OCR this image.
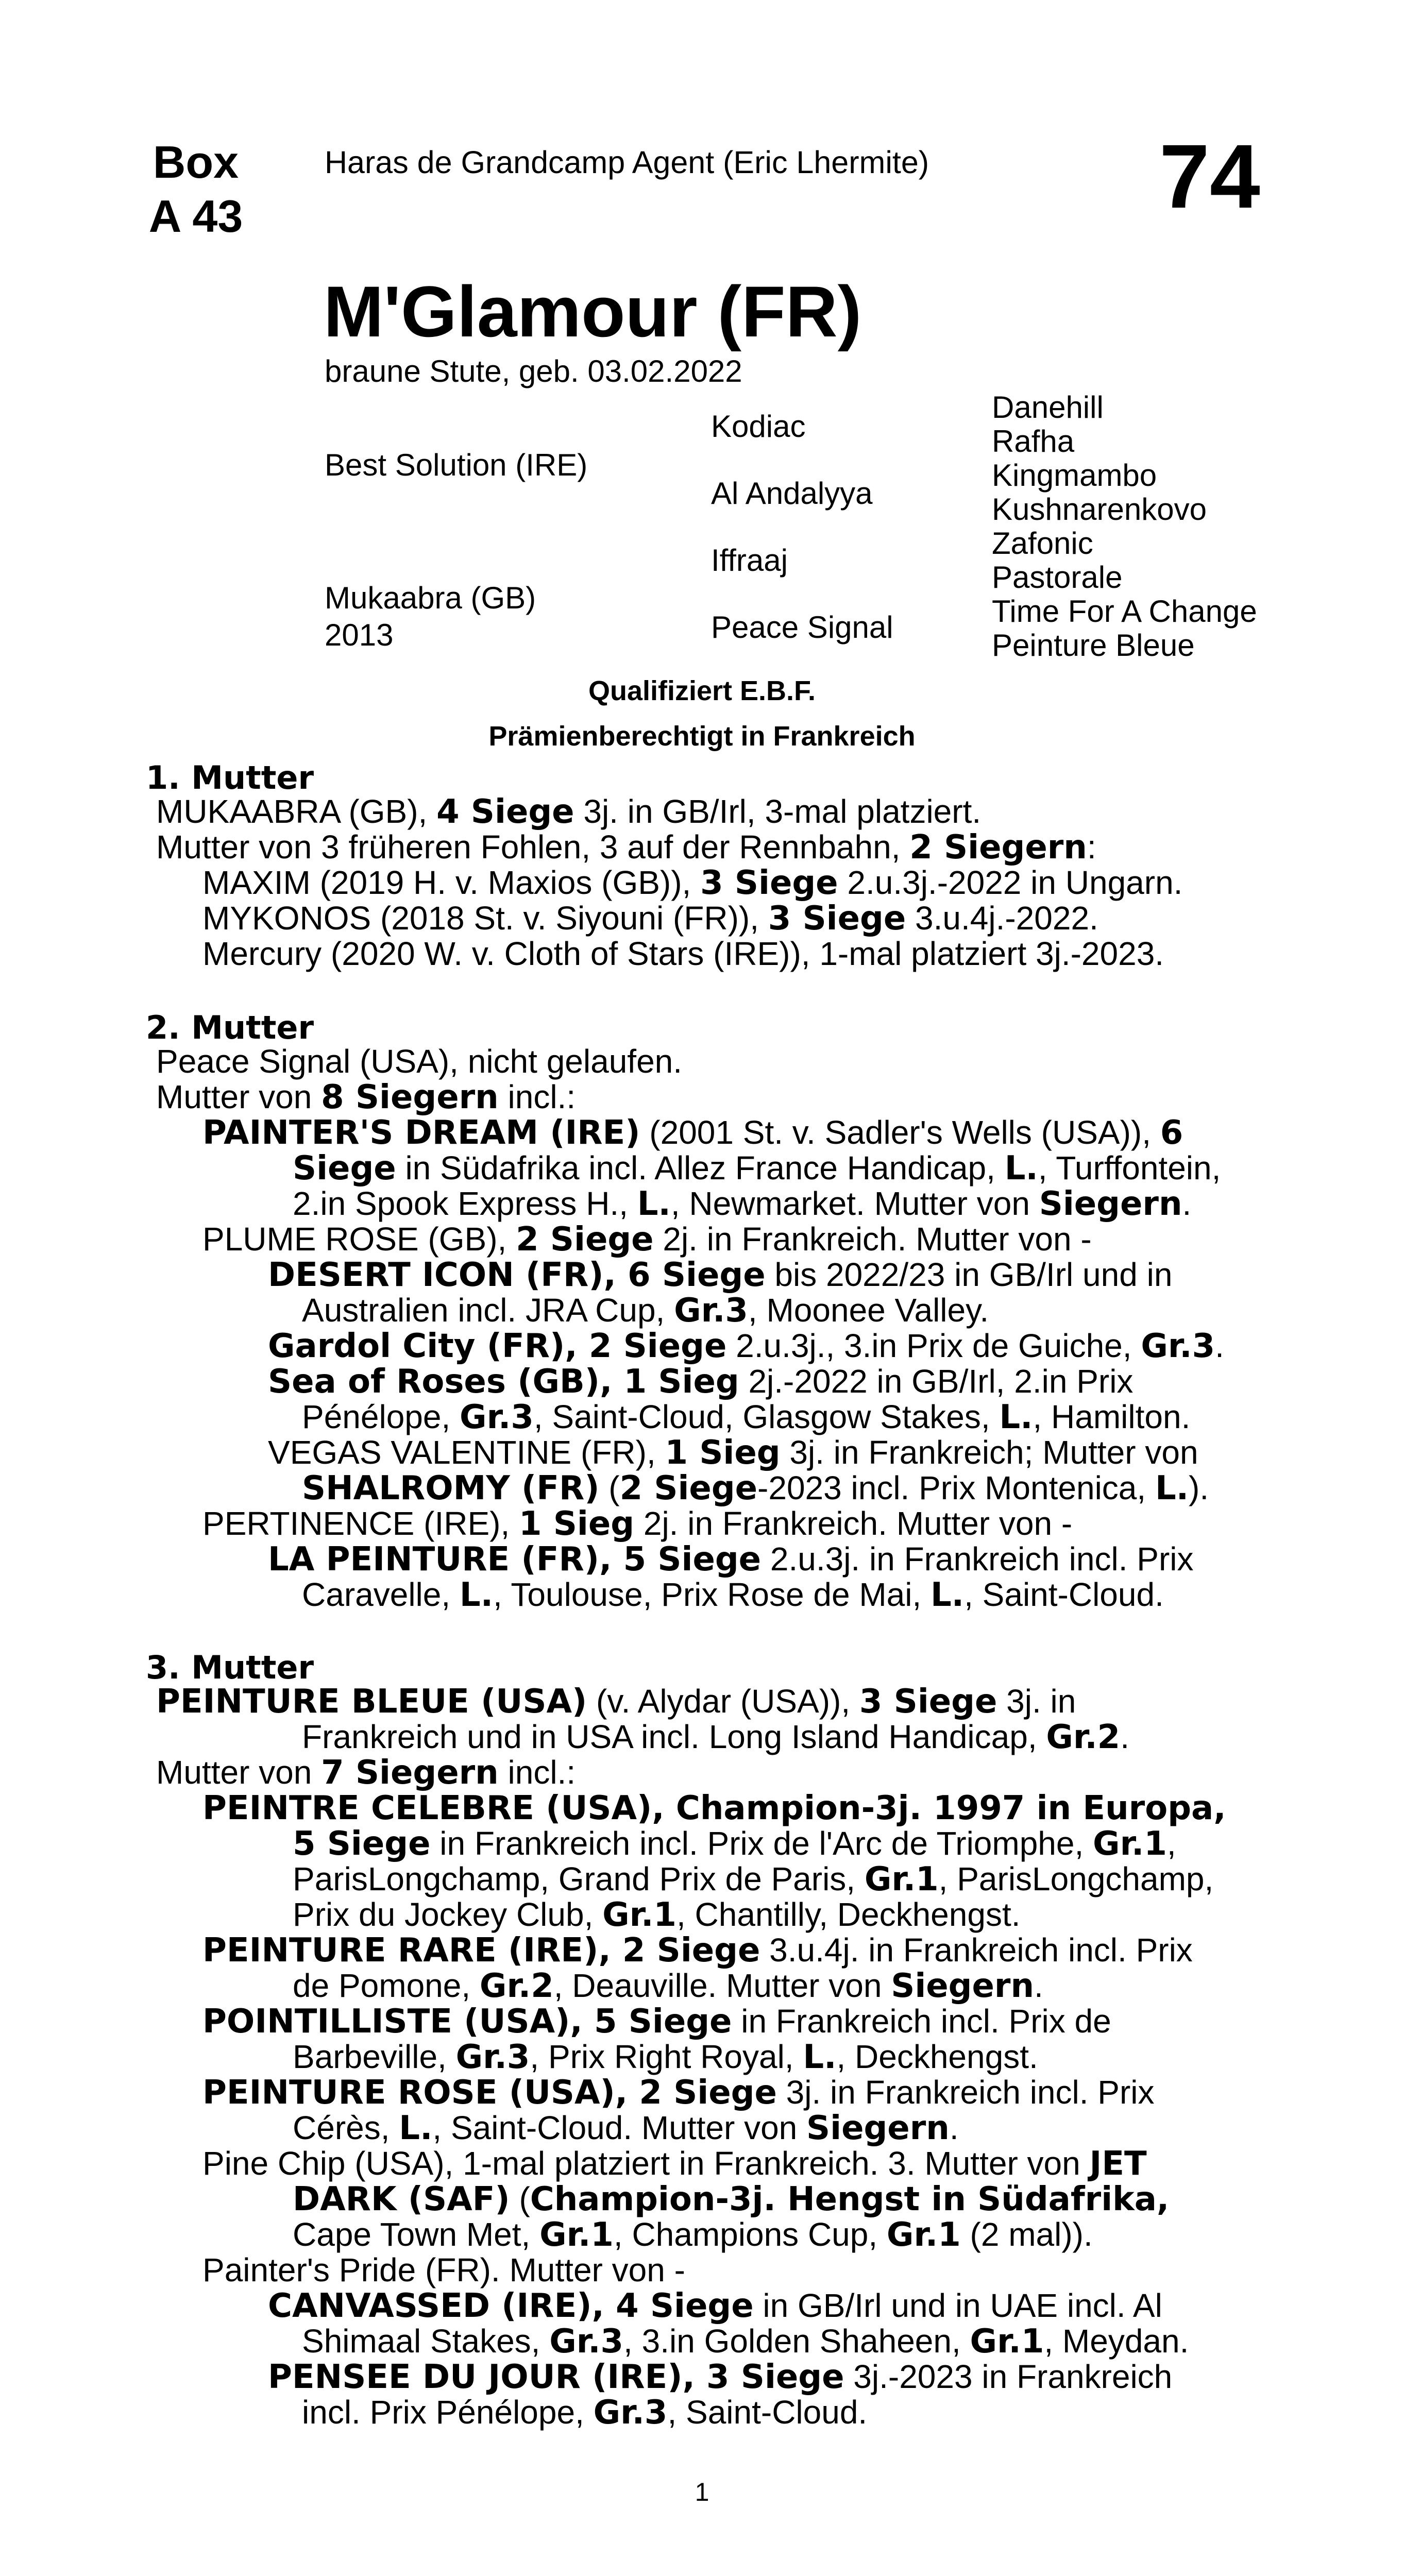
Box
A 43
Haras de Grandcamp Agent (Eric Lhermite)	74
M'Glamour (FR)
braune Stute, geb. 03.02.2022
Best Solution (IRE)
Mukaabra (GB)
2013
Kodiac
Al Andalyya
Iffraaj
Peace Signal
Danehill
Rafha
Kingmambo
Kushnarenkovo
Zafonic
Pastorale
Time For A Change
Peinture Bleue
Qualifiziert E.B.F.
Prämienberechtigt in Frankreich
1. Mutter
MUKAABRA (GB), 4 Siege 3j. in GB/Irl, 3-mal platziert.
Mutter von 3 früheren Fohlen, 3 auf der Rennbahn, 2 Siegern:
MAXIM (2019 H. v. Maxios (GB)), 3 Siege 2.u.3j.-2022 in Ungarn.
MYKONOS (2018 St. v. Siyouni (FR)), 3 Siege 3.u.4j.-2022.
Mercury (2020 W. v. Cloth of Stars (IRE)), 1-mal platziert 3j.-2023.
2. Mutter
Peace Signal (USA), nicht gelaufen.
Mutter von 8 Siegern incl.:
PAINTER'S DREAM (IRE) (2001 St. v. Sadler's Wells (USA)), 6
Siege in Südafrika incl. Allez France Handicap, L., Turffontein,
2.in Spook Express H., L., Newmarket. Mutter von Siegern.
PLUME ROSE (GB), 2 Siege 2j. in Frankreich. Mutter von -
DESERT ICON (FR), 6 Siege bis 2022/23 in GB/Irl und in
Australien incl. JRA Cup, Gr.3, Moonee Valley.
Gardol City (FR), 2 Siege 2.u.3j., 3.in Prix de Guiche, Gr.3.
Sea of Roses (GB), 1 Sieg 2j.-2022 in GB/Irl, 2.in Prix
Pénélope, Gr.3, Saint-Cloud, Glasgow Stakes, L., Hamilton.
VEGAS VALENTINE (FR), 1 Sieg 3j. in Frankreich; Mutter von
SHALROMY (FR) (2 Siege-2023 incl. Prix Montenica, L.).
PERTINENCE (IRE), 1 Sieg 2j. in Frankreich. Mutter von -
LA PEINTURE (FR), 5 Siege 2.u.3j. in Frankreich incl. Prix
Caravelle, L., Toulouse, Prix Rose de Mai, L., Saint-Cloud.
3. Mutter
PEINTURE BLEUE (USA) (v. Alydar (USA)), 3 Siege 3j. in
Frankreich und in USA incl. Long Island Handicap, Gr.2.
Mutter von 7 Siegern incl.:
PEINTRE CELEBRE (USA), Champion-3j. 1997 in Europa,
5 Siege in Frankreich incl. Prix de l'Arc de Triomphe, Gr.1,
ParisLongchamp, Grand Prix de Paris, Gr.1, ParisLongchamp,
Prix du Jockey Club, Gr.1, Chantilly, Deckhengst.
PEINTURE RARE (IRE), 2 Siege 3.u.4j. in Frankreich incl. Prix
de Pomone, Gr.2, Deauville. Mutter von Siegern.
POINTILLISTE (USA), 5 Siege in Frankreich incl. Prix de
Barbeville, Gr.3, Prix Right Royal, L., Deckhengst.
PEINTURE ROSE (USA), 2 Siege 3j. in Frankreich incl. Prix
Cérès, L., Saint-Cloud. Mutter von Siegern.
Pine Chip (USA), 1-mal platziert in Frankreich. 3. Mutter von JET
DARK (SAF) (Champion-3j. Hengst in Südafrika,
Cape Town Met, Gr.1, Champions Cup, Gr.1 (2 mal)).
Painter's Pride (FR). Mutter von -
CANVASSED (IRE), 4 Siege in GB/Irl und in UAE incl. Al
Shimaal Stakes, Gr.3, 3.in Golden Shaheen, Gr.1, Meydan.
PENSEE DU JOUR (IRE), 3 Siege 3j.-2023 in Frankreich
incl. Prix Pénélope, Gr.3, Saint-Cloud.
1
